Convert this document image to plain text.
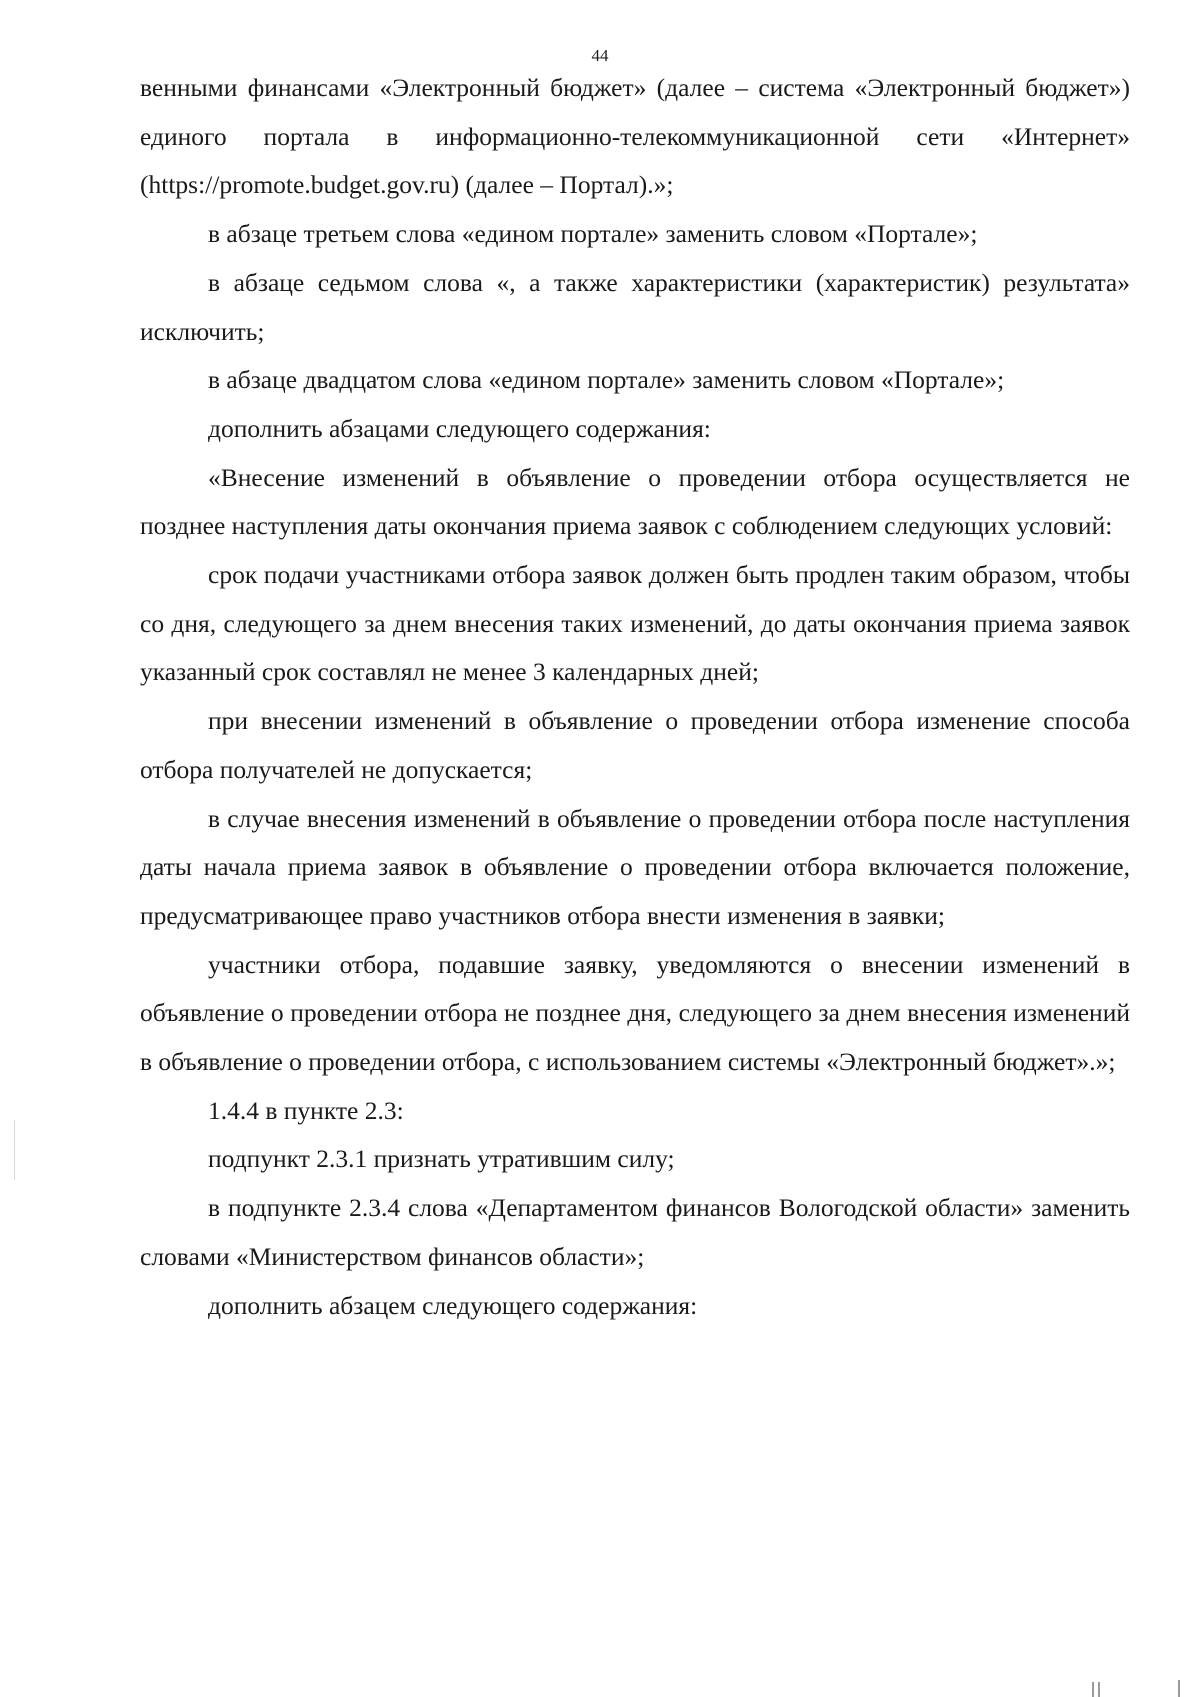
44

венными финансами «Электронный бюджет» (далее – система «Электронный бюджет») единого портала в информационно-телекоммуникационной сети «Интернет» (https://promote.budget.gov.ru) (далее – Портал).»;

в абзаце третьем слова «едином портале» заменить словом «Портале»;

в абзаце седьмом слова «, а также характеристики (характеристик) результата» исключить;

в абзаце двадцатом слова «едином портале» заменить словом «Портале»;

дополнить абзацами следующего содержания:

«Внесение изменений в объявление о проведении отбора осуществляется не позднее наступления даты окончания приема заявок с соблюдением следующих условий:

срок подачи участниками отбора заявок должен быть продлен таким образом, чтобы со дня, следующего за днем внесения таких изменений, до даты окончания приема заявок указанный срок составлял не менее 3 календарных дней;

при внесении изменений в объявление о проведении отбора изменение способа отбора получателей не допускается;

в случае внесения изменений в объявление о проведении отбора после наступления даты начала приема заявок в объявление о проведении отбора включается положение, предусматривающее право участников отбора внести изменения в заявки;

участники отбора, подавшие заявку, уведомляются о внесении изменений в объявление о проведении отбора не позднее дня, следующего за днем внесения изменений в объявление о проведении отбора, с использованием системы «Электронный бюджет».»;

1.4.4 в пункте 2.3:

подпункт 2.3.1 признать утратившим силу;

в подпункте 2.3.4 слова «Департаментом финансов Вологодской области» заменить словами «Министерством финансов области»;

дополнить абзацем следующего содержания:
